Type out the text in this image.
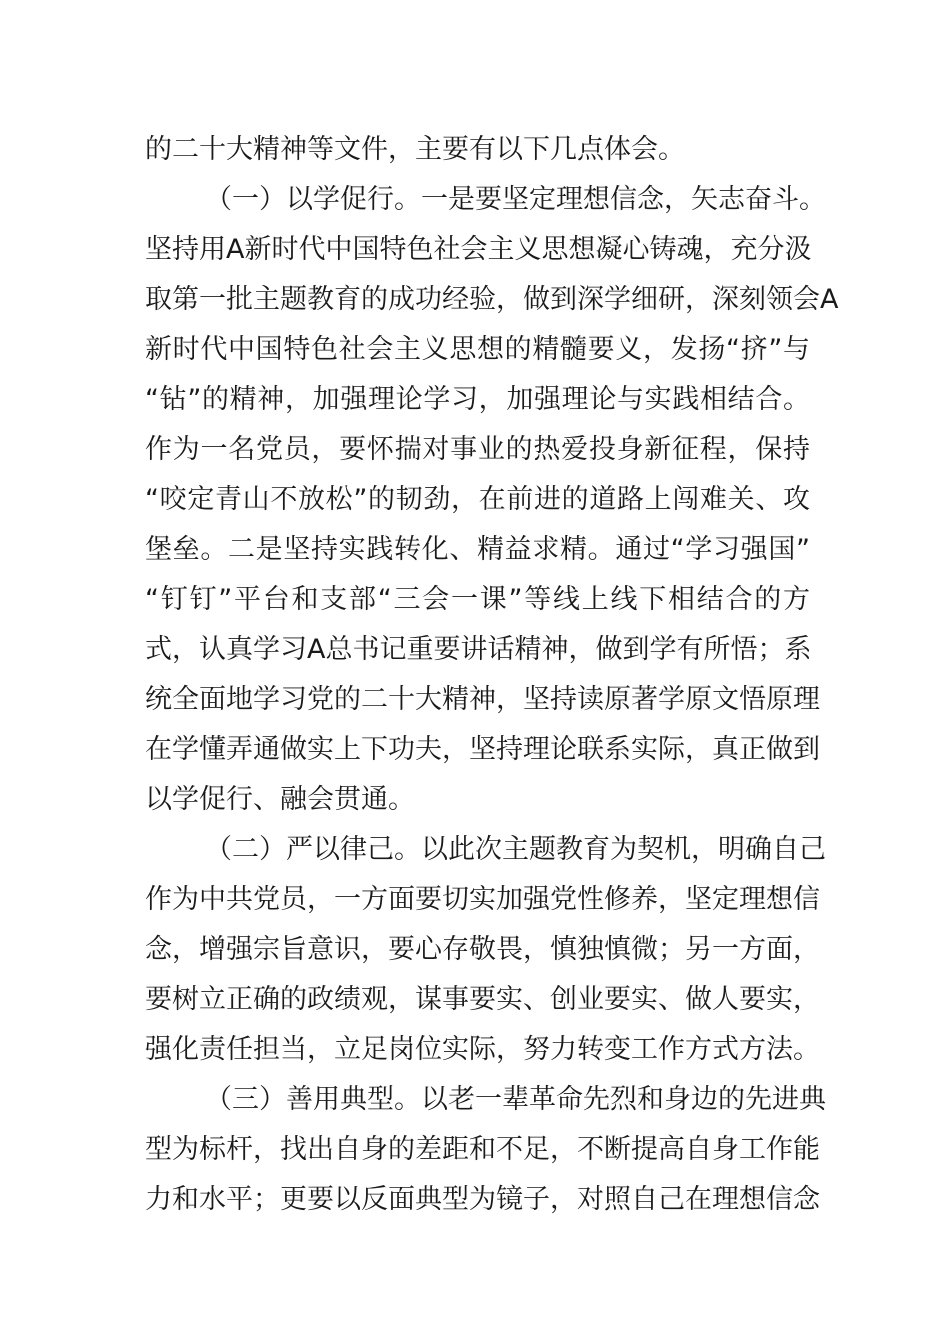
的二十大精神等文件，主要有以下几点体会。
（一）以学促行。一是要坚定理想信念，矢志奋斗。
坚持用A新时代中国特色社会主义思想凝心铸魂，充分汲
取第一批主题教育的成功经验，做到深学细研，深刻领会A
新时代中国特色社会主义思想的精髓要义，发扬“挤”与
“钻”的精神，加强理论学习，加强理论与实践相结合。
作为一名党员，要怀揣对事业的热爱投身新征程，保持
“咬定青山不放松”的韧劲，在前进的道路上闯难关、攻
堡垒。二是坚持实践转化、精益求精。通过“学习强国”
“钉钉”平台和支部“三会一课”等线上线下相结合的方
式，认真学习A总书记重要讲话精神，做到学有所悟；系
统全面地学习党的二十大精神，坚持读原著学原文悟原理
在学懂弄通做实上下功夫，坚持理论联系实际，真正做到
以学促行、融会贯通。
（二）严以律己。以此次主题教育为契机，明确自己
作为中共党员，一方面要切实加强党性修养，坚定理想信
念，增强宗旨意识，要心存敬畏，慎独慎微；另一方面，
要树立正确的政绩观，谋事要实、创业要实、做人要实，
强化责任担当，立足岗位实际，努力转变工作方式方法。
（三）善用典型。以老一辈革命先烈和身边的先进典
型为标杆，找出自身的差距和不足，不断提高自身工作能
力和水平；更要以反面典型为镜子，对照自己在理想信念
